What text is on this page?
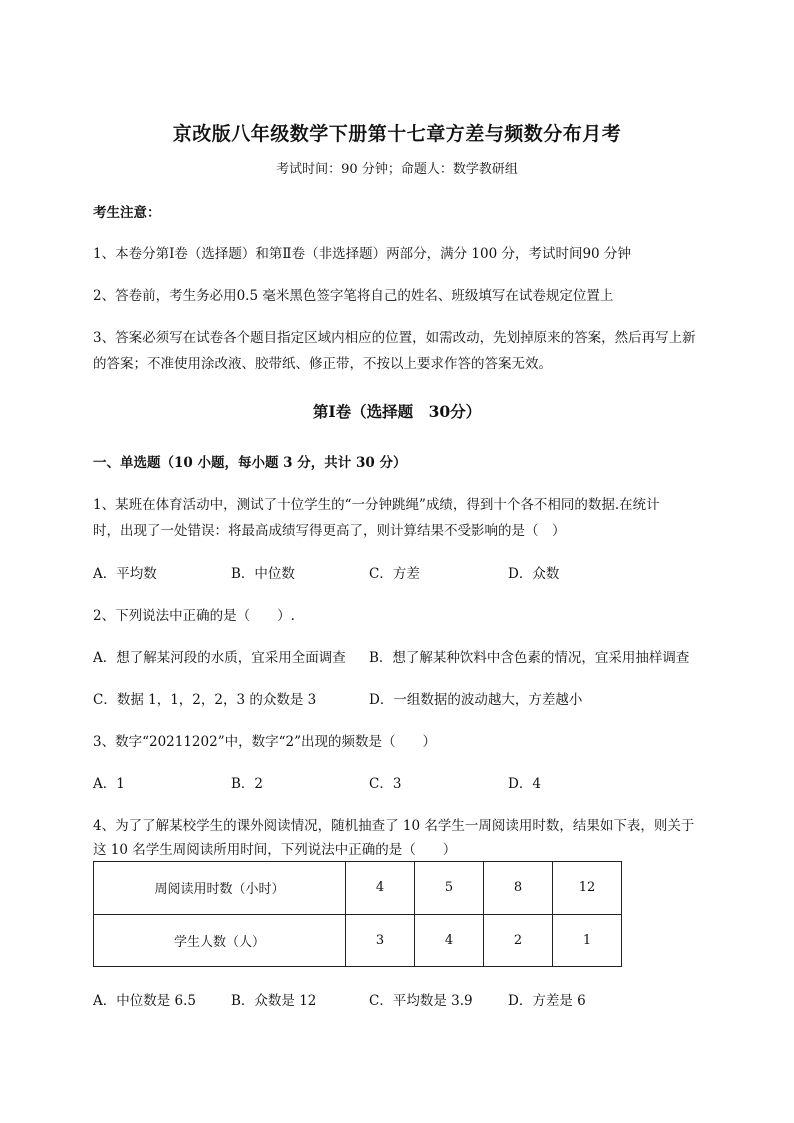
京改版八年级数学下册第十七章方差与频数分布月考
考试时间：90 分钟；命题人：数学教研组
考生注意：
1、本卷分第Ⅰ卷（选择题）和第Ⅱ卷（非选择题）两部分，满分 100 分，考试时间90 分钟
2、答卷前，考生务必用0.5 毫米黑色签字笔将自己的姓名、班级填写在试卷规定位置上
3、答案必须写在试卷各个题目指定区域内相应的位置，如需改动，先划掉原来的答案，然后再写上新
的答案；不准使用涂改液、胶带纸、修正带，不按以上要求作答的答案无效。
第Ⅰ卷（选择题　30分）
一、单选题（10 小题，每小题 3 分，共计 30 分）
1、某班在体育活动中，测试了十位学生的“一分钟跳绳”成绩，得到十个各不相同的数据.在统计
时，出现了一处错误：将最高成绩写得更高了，则计算结果不受影响的是（　）
A．平均数	B．中位数	C．方差	D．众数
2、下列说法中正确的是（　　）.
A．想了解某河段的水质，宜采用全面调查 B．想了解某种饮料中含色素的情况，宜采用抽样调查
C．数据 1，1，2，2，3 的众数是 3	D．一组数据的波动越大，方差越小
3、数字“20211202”中，数字“2”出现的频数是（　　）
A．1	B．2	C．3	D．4
4、为了了解某校学生的课外阅读情况，随机抽查了 10 名学生一周阅读用时数，结果如下表，则关于
这 10 名学生周阅读所用时间，下列说法中正确的是（　　）
周阅读用时数（小时）	4	5	8	12
学生人数（人）	3	4	2	1
A．中位数是 6.5	B．众数是 12	C．平均数是 3.9	D．方差是 6
